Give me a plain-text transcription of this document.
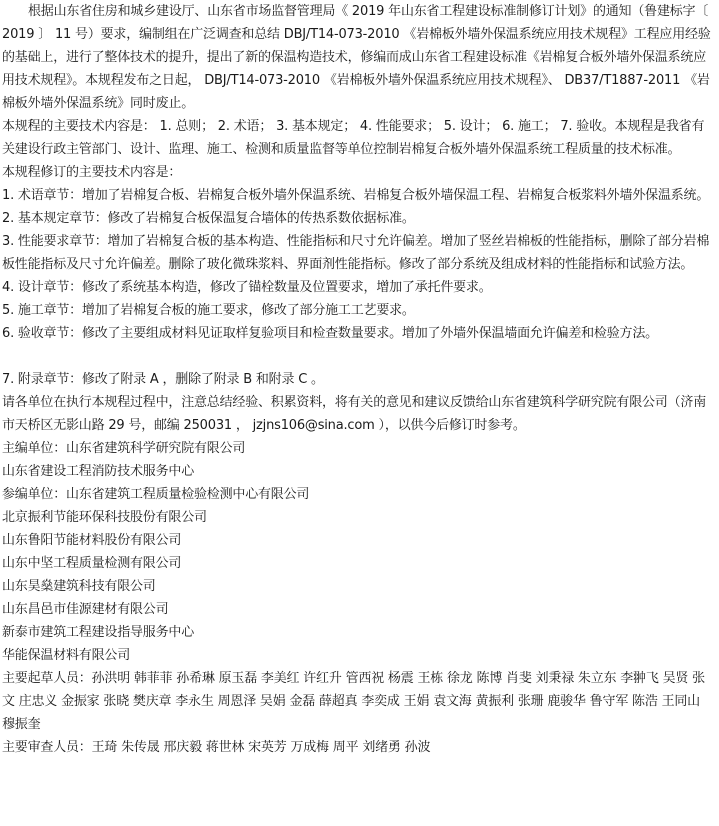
根据山东省住房和城乡建设厅、山东省市场监督管理局《 2019 年山东省工程建设标准制修订计划》的通知（鲁建标字〔 2019 〕 11 号）要求，编制组在广泛调查和总结 DBJ/T14-073-2010 《岩棉板外墙外保温系统应用技术规程》工程应用经验的基础上，进行了整体技术的提升，提出了新的保温构造技术，修编而成山东省工程建设标准《岩棉复合板外墙外保温系统应用技术规程》。本规程发布之日起， DBJ/T14-073-2010 《岩棉板外墙外保温系统应用技术规程》、 DB37/T1887-2011 《岩棉板外墙外保温系统》同时废止。

本规程的主要技术内容是： 1. 总则； 2. 术语； 3. 基本规定； 4. 性能要求； 5. 设计； 6. 施工； 7. 验收。本规程是我省有关建设行政主管部门、设计、监理、施工、检测和质量监督等单位控制岩棉复合板外墙外保温系统工程质量的技术标准。

本规程修订的主要技术内容是：

1. 术语章节：增加了岩棉复合板、岩棉复合板外墙外保温系统、岩棉复合板外墙保温工程、岩棉复合板浆料外墙外保温系统。

2. 基本规定章节：修改了岩棉复合板保温复合墙体的传热系数依据标准。

3. 性能要求章节：增加了岩棉复合板的基本构造、性能指标和尺寸允许偏差。增加了竖丝岩棉板的性能指标，删除了部分岩棉板性能指标及尺寸允许偏差。删除了玻化微珠浆料、界面剂性能指标。修改了部分系统及组成材料的性能指标和试验方法。

4. 设计章节：修改了系统基本构造，修改了锚栓数量及位置要求，增加了承托件要求。

5. 施工章节：增加了岩棉复合板的施工要求，修改了部分施工工艺要求。

6. 验收章节：修改了主要组成材料见证取样复验项目和检查数量要求。增加了外墙外保温墙面允许偏差和检验方法。

7. 附录章节：修改了附录 A ，删除了附录 B 和附录 C 。

请各单位在执行本规程过程中，注意总结经验、积累资料，将有关的意见和建议反馈给山东省建筑科学研究院有限公司（济南市天桥区无影山路 29 号，邮编 250031 ， jzjns106@sina.com ），以供今后修订时参考。

主编单位：山东省建筑科学研究院有限公司

山东省建设工程消防技术服务中心

参编单位：山东省建筑工程质量检验检测中心有限公司

北京振利节能环保科技股份有限公司

山东鲁阳节能材料股份有限公司

山东中坚工程质量检测有限公司

山东昊燊建筑科技有限公司

山东昌邑市佳源建材有限公司

新泰市建筑工程建设指导服务中心

华能保温材料有限公司

主要起草人员：孙洪明 韩菲菲 孙希琳 原玉磊 李美红 许红升 管西祝 杨震 王栋 徐龙 陈博 肖斐 刘秉禄 朱立东 李翀飞 吴贤 张文 庄忠义 金振家 张晓 樊庆章 李永生 周恩泽 吴娟 金磊 薛超真 李奕成 王娟 袁文海 黄振利 张珊 鹿骏华 鲁守军 陈浩 王同山 穆振奎

主要审查人员：王琦 朱传晟 邢庆毅 蒋世林 宋英芳 万成梅 周平 刘绪勇 孙波
